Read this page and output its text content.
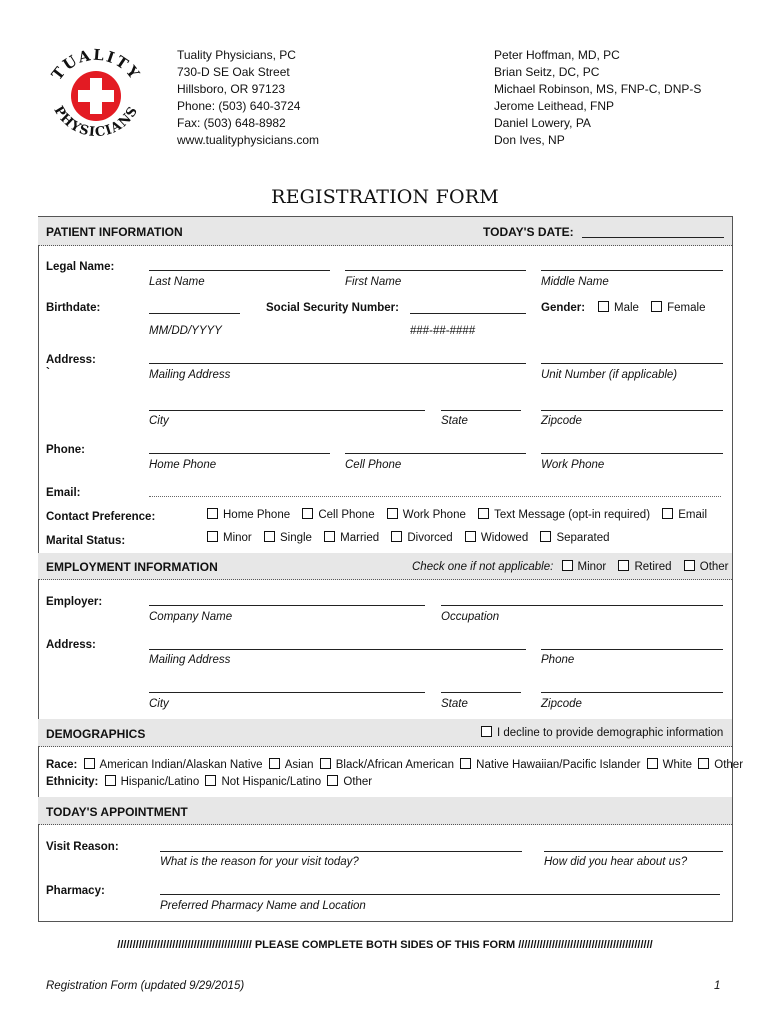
TUALITY
PHYSICIANS
Tuality Physicians, PC
730-D SE Oak Street
Hillsboro, OR 97123
Phone: (503) 640-3724
Fax: (503) 648-8982
www.tualityphysicians.com
Peter Hoffman, MD, PC
Brian Seitz, DC, PC
Michael Robinson, MS, FNP-C, DNP-S
Jerome Leithead, FNP
Daniel Lowery, PA
Don Ives, NP
REGISTRATION FORM
PATIENT INFORMATION	TODAY'S DATE:
Legal Name:
Last Name	First Name	Middle Name
Birthdate:	Social Security Number:	Gender:	Male Female
MM/DD/YYYY	###-##-####
Address:
`	Mailing Address	Unit Number (if applicable)
City	State	Zipcode
Phone:
Home Phone	Cell Phone	Work Phone
Email:
Contact Preference:	Home Phone Cell Phone Work Phone Text Message (opt-in required) Email
Marital Status:	Minor Single Married Divorced Widowed Separated
EMPLOYMENT INFORMATION	Check one if not applicable: Minor Retired Other
Employer:
Company Name	Occupation
Address:
Mailing Address	Phone
City	State	Zipcode
DEMOGRAPHICS	I decline to provide demographic information
Race: American Indian/Alaskan Native Asian Black/African American Native Hawaiian/Pacific Islander White Other
Ethnicity: Hispanic/Latino Not Hispanic/Latino Other
TODAY'S APPOINTMENT
Visit Reason:
What is the reason for your visit today?	How did you hear about us?
Pharmacy:
Preferred Pharmacy Name and Location
//////////////////////////////////////////// PLEASE COMPLETE BOTH SIDES OF THIS FORM ////////////////////////////////////////////
Registration Form (updated 9/29/2015)	1
